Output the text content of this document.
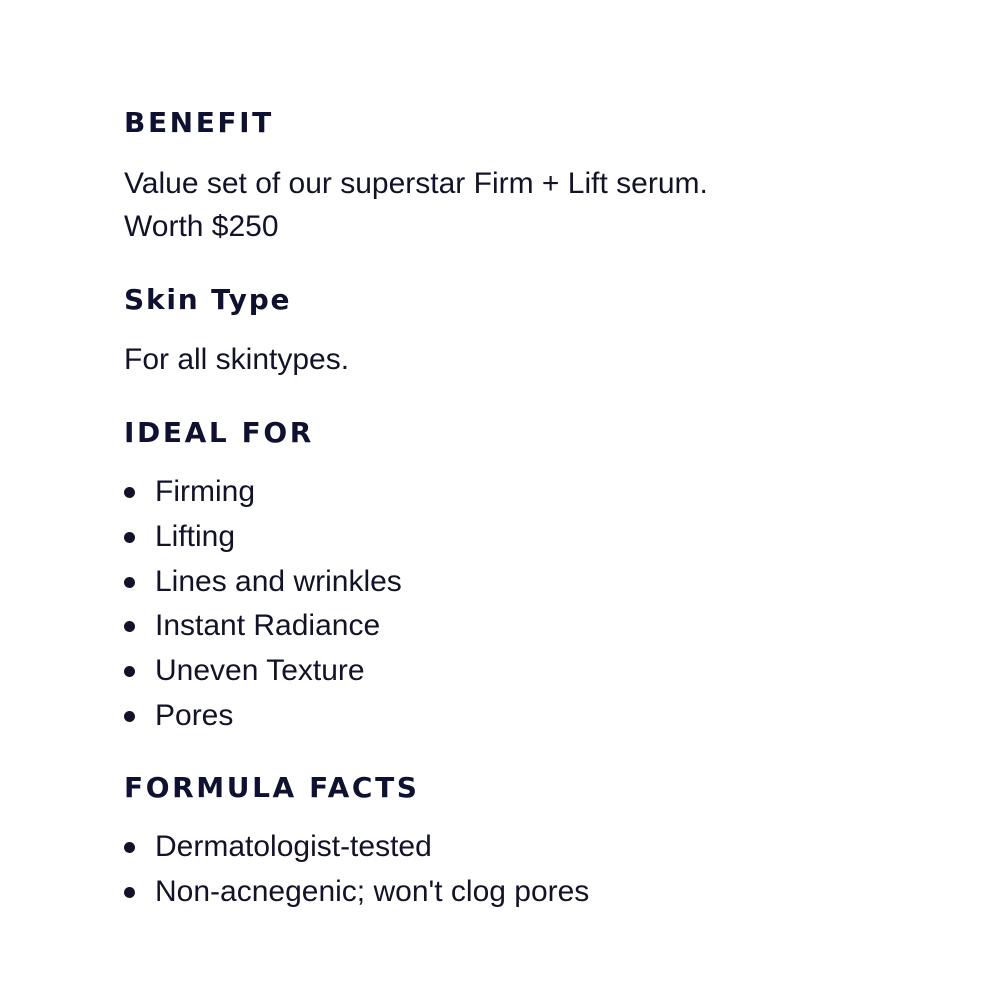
BENEFIT

Value set of our superstar Firm + Lift serum.
Worth $250

Skin Type

For all skintypes.

IDEAL FOR
Firming
Lifting
Lines and wrinkles
Instant Radiance
Uneven Texture
Pores
FORMULA FACTS
Dermatologist-tested
Non-acnegenic; won't clog pores
